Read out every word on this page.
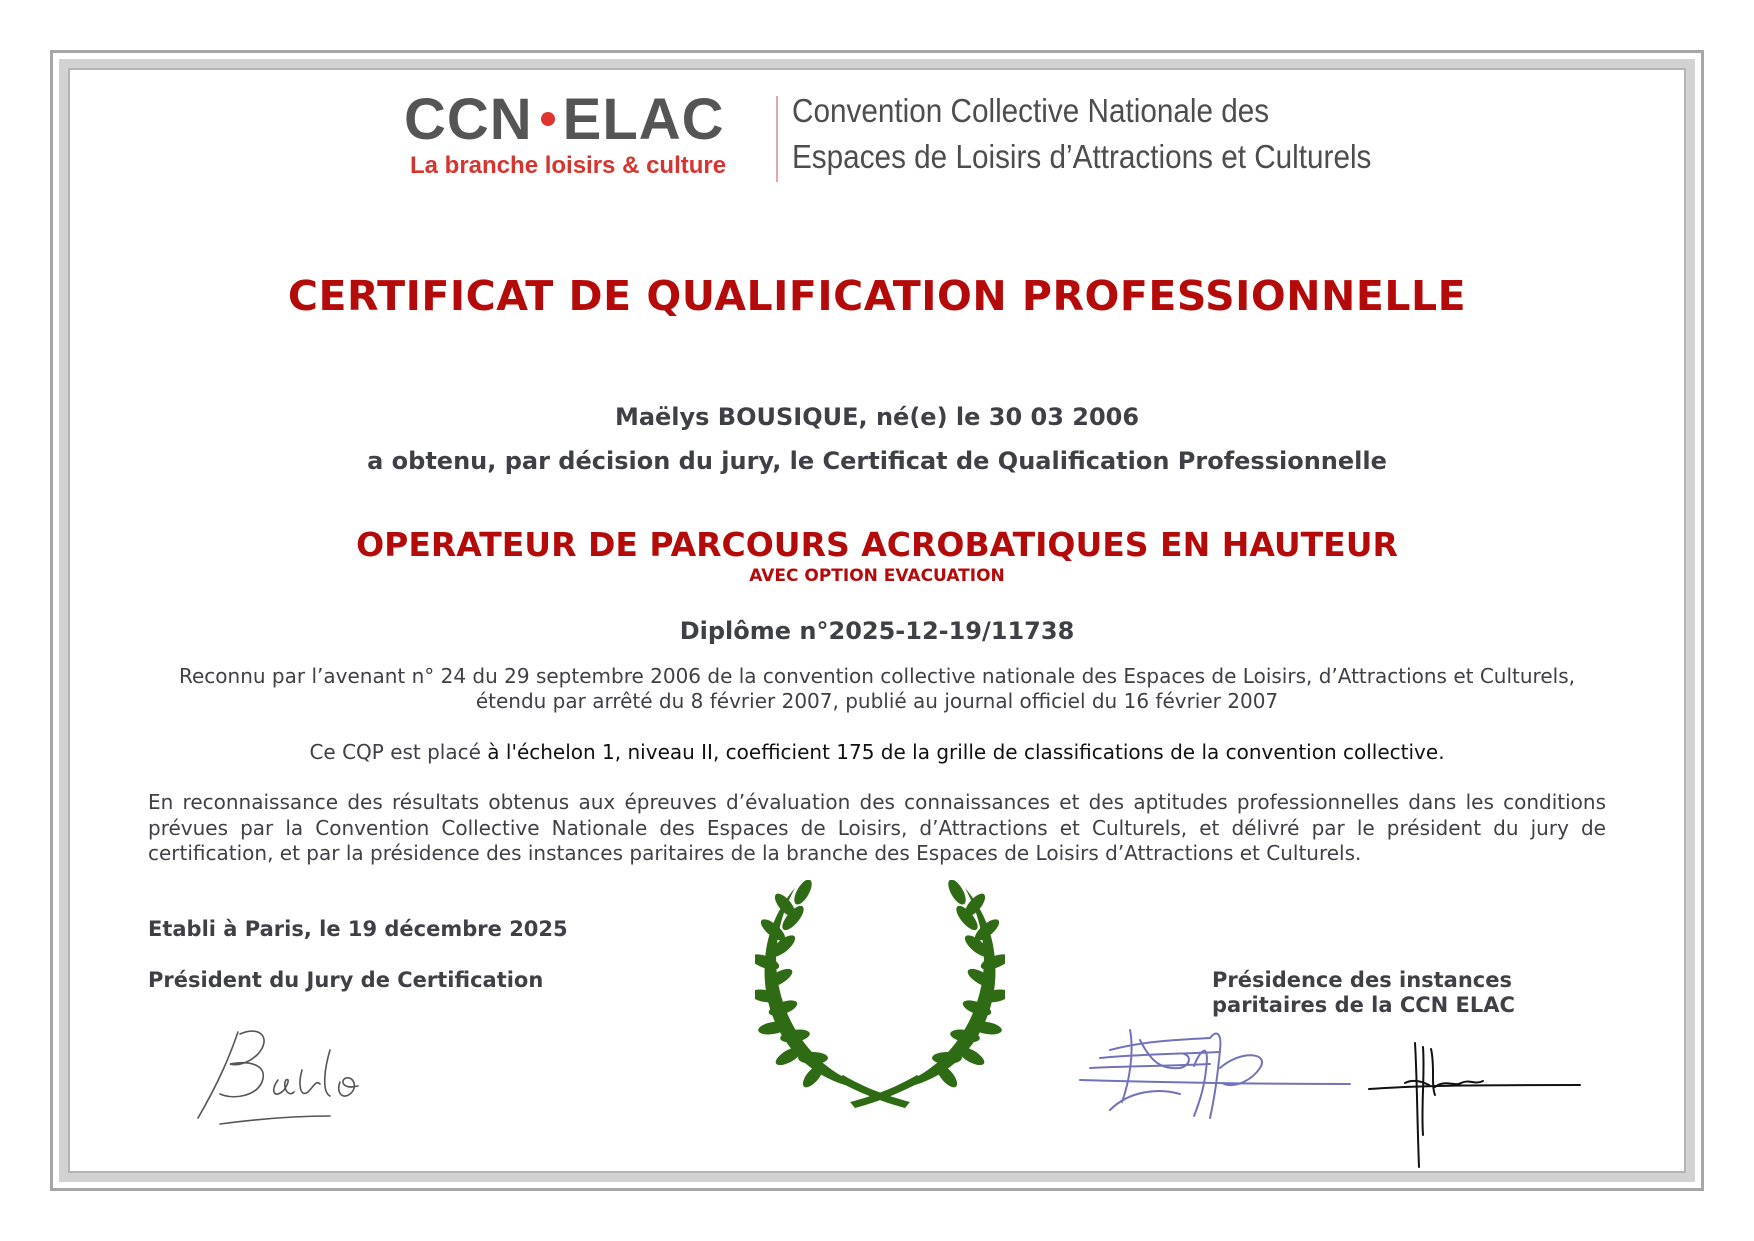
CCN ELAC
La branche loisirs & culture
Convention Collective Nationale des
Espaces de Loisirs d’Attractions et Culturels
CERTIFICAT DE QUALIFICATION PROFESSIONNELLE
Maëlys BOUSIQUE, né(e) le 30 03 2006
a obtenu, par décision du jury, le Certificat de Qualification Professionnelle
OPERATEUR DE PARCOURS ACROBATIQUES EN HAUTEUR
AVEC OPTION EVACUATION
Diplôme n°2025-12-19/11738
Reconnu par l’avenant n° 24 du 29 septembre 2006 de la convention collective nationale des Espaces de Loisirs, d’Attractions et Culturels,
étendu par arrêté du 8 février 2007, publié au journal officiel du 16 février 2007
Ce CQP est placé à l'échelon 1, niveau II, coefficient 175 de la grille de classifications de la convention collective.
En reconnaissance des résultats obtenus aux épreuves d’évaluation des connaissances et des aptitudes professionnelles dans les conditions prévues par la Convention Collective Nationale des Espaces de Loisirs, d’Attractions et Culturels, et délivré par le président du jury de certification, et par la présidence des instances paritaires de la branche des Espaces de Loisirs d’Attractions et Culturels.
Etabli à Paris, le 19 décembre 2025
Président du Jury de Certification	Présidence des instances
paritaires de la CCN ELAC
